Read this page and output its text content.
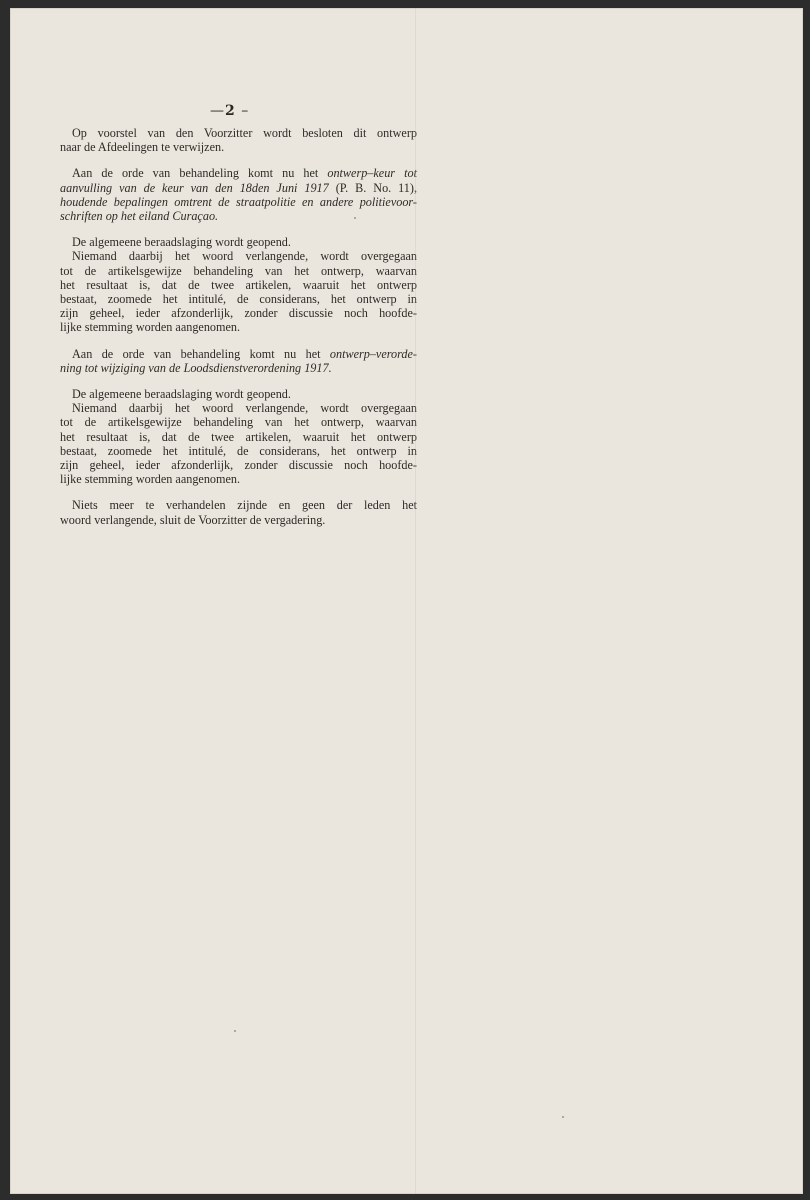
—2 –
Op voorstel van den Voorzitter wordt besloten dit ontwerp
naar de Afdeelingen te verwijzen.
Aan de orde van behandeling komt nu het ontwerp–keur tot
aanvulling van de keur van den 18den Juni 1917 (P. B. No. 11),
houdende bepalingen omtrent de straatpolitie en andere politievoor-
schriften op het eiland Curaçao.
De algemeene beraadslaging wordt geopend.
Niemand daarbij het woord verlangende, wordt overgegaan
tot de artikelsgewijze behandeling van het ontwerp, waarvan
het resultaat is, dat de twee artikelen, waaruit het ontwerp
bestaat, zoomede het intitulé, de considerans, het ontwerp in
zijn geheel, ieder afzonderlijk, zonder discussie noch hoofde-
lijke stemming worden aangenomen.
Aan de orde van behandeling komt nu het ontwerp–verorde-
ning tot wijziging van de Loodsdienstverordening 1917.
De algemeene beraadslaging wordt geopend.
Niemand daarbij het woord verlangende, wordt overgegaan
tot de artikelsgewijze behandeling van het ontwerp, waarvan
het resultaat is, dat de twee artikelen, waaruit het ontwerp
bestaat, zoomede het intitulé, de considerans, het ontwerp in
zijn geheel, ieder afzonderlijk, zonder discussie noch hoofde-
lijke stemming worden aangenomen.
Niets meer te verhandelen zijnde en geen der leden het
woord verlangende, sluit de Voorzitter de vergadering.
